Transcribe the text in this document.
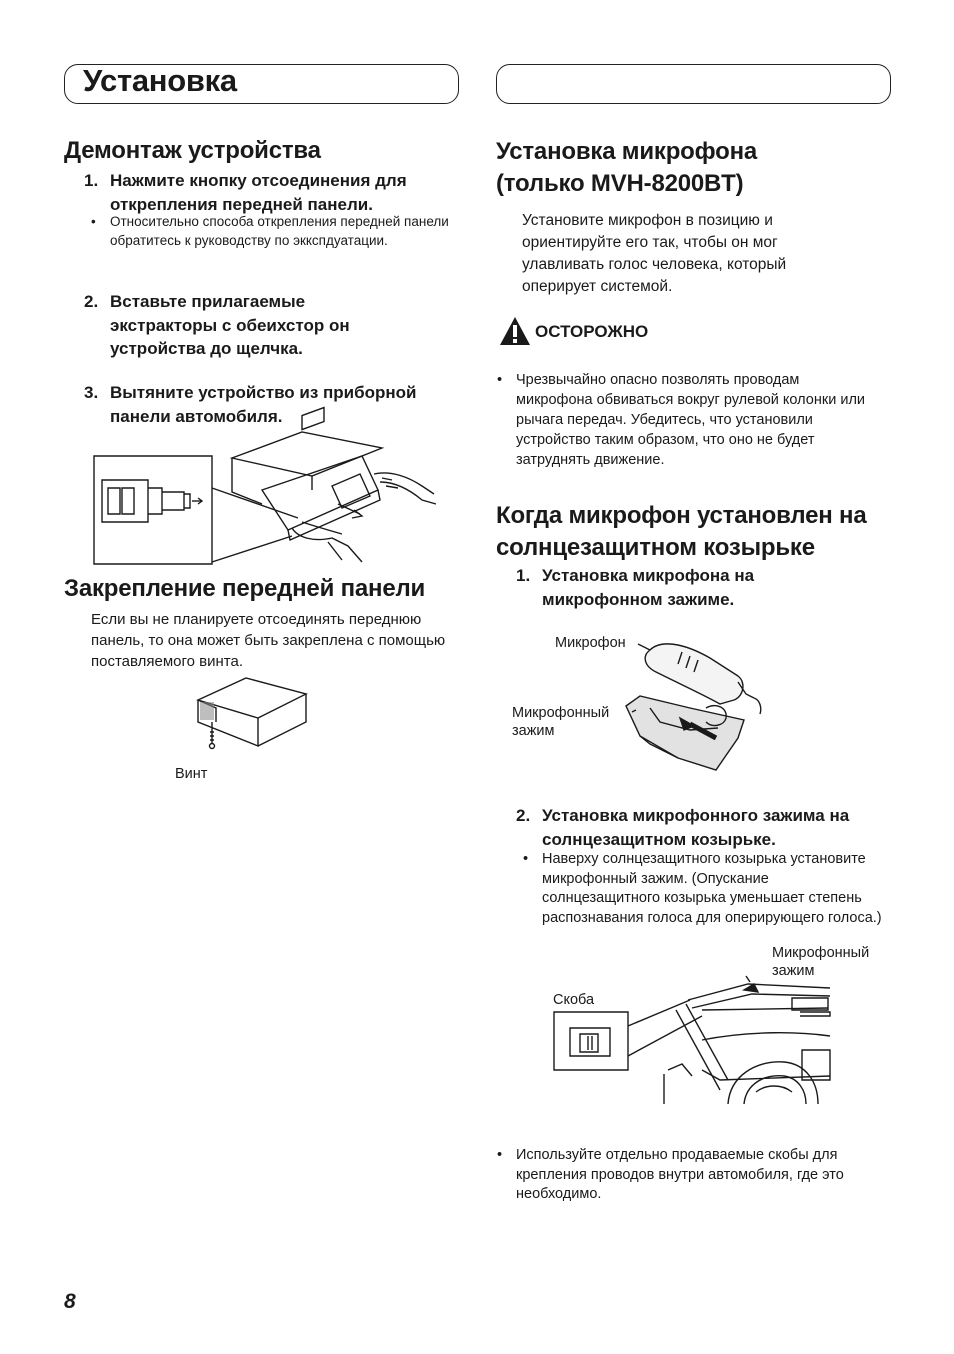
Установка
Демонтаж устройства
1. Нажмите кнопку отсоединения для открепления передней панели.
• Относительно способа открепления передней панели обратитесь к руководству по эккспдуатации.
2. Вставьте прилагаемые экстракторы с обеихстор он устройства до щелчка.
3. Вытяните устройство из приборной панели автомобиля.
Закрепление передней панели
Если вы не планируете отсоединять переднюю панель, то она может быть закреплена с помощью поставляемого винта.
Винт
Установка микрофона (только MVH-8200BT)
Установите микрофон в позицию и ориентируйте его так, чтобы он мог улавливать голос человека, который оперирует системой.
ОСТОРОЖНО
• Чрезвычайно опасно позволять проводам микрофона обвиваться вокруг рулевой колонки или рычага передач. Убедитесь, что установили устройство таким образом, что оно не будет затруднять движение.
Когда микрофон установлен на солнцезащитном козырьке
1. Установка микрофона на микрофонном зажиме.
Микрофон
Микрофонный зажим
2. Установка микрофонного зажима на солнцезащитном козырьке.
• Наверху солнцезащитного козырька установите микрофонный зажим. (Опускание солнцезащитного козырька уменьшает степень распознавания голоса для оперирующего голоса.)
Микрофонный зажим
Скоба
• Используйте отдельно продаваемые скобы для крепления проводов внутри автомобиля, где это необходимо.
8
